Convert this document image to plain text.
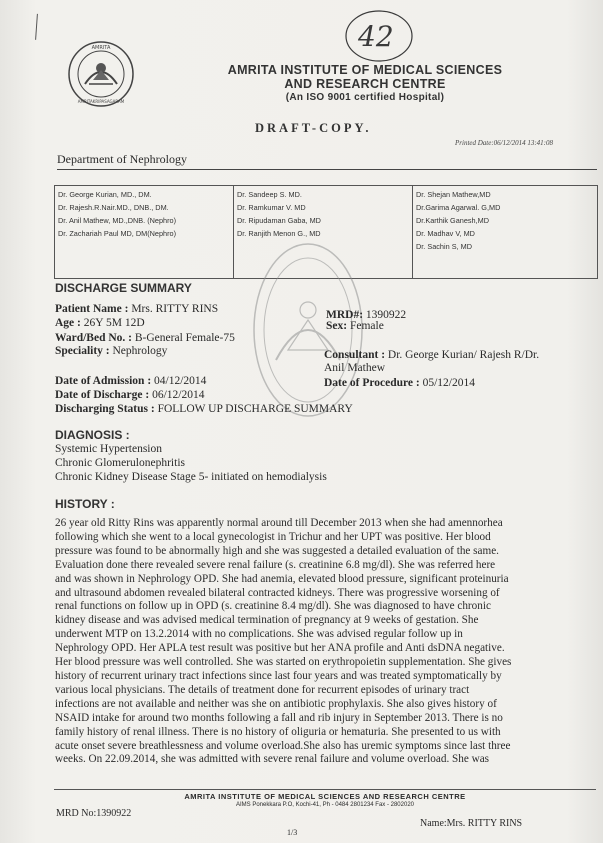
42
AMRITA
AMRITAKRIPASAGARAM
AMRITA INSTITUTE OF MEDICAL SCIENCES
AND RESEARCH CENTRE
(An ISO 9001 certified Hospital)
DRAFT-COPY.
Printed Date:06/12/2014 13:41:08
Department of Nephrology
Dr. George Kurian, MD., DM.
Dr. Rajesh.R.Nair.MD., DNB., DM.
Dr. Anil Mathew, MD.,DNB. (Nephro)
Dr. Zachariah Paul MD, DM(Nephro)
Dr. Sandeep S. MD.
Dr. Ramkumar V. MD
Dr. Ripudaman Gaba, MD
Dr. Ranjith Menon G., MD
Dr. Shejan Mathew,MD
Dr.Garima Agarwal. G,MD
Dr.Karthik Ganesh,MD
Dr. Madhav V, MD
Dr. Sachin S, MD
DISCHARGE SUMMARY
Patient Name : Mrs. RITTY RINS	MRD#: 1390922
Age : 26Y 5M 12D	Sex: Female
Ward/Bed No. : B-General Female-75
Speciality : Nephrology	Consultant : Dr. George Kurian/ Rajesh R/Dr.
Anil Mathew
Date of Admission : 04/12/2014	Date of Procedure : 05/12/2014
Date of Discharge : 06/12/2014
Discharging Status : FOLLOW UP DISCHARGE SUMMARY
DIAGNOSIS :
Systemic Hypertension
Chronic Glomerulonephritis
Chronic Kidney Disease Stage 5- initiated on hemodialysis
HISTORY :
26 year old Ritty Rins was apparently normal around till December 2013 when she had amennorhea
following which she went to a local gynecologist in Trichur and her UPT was positive. Her blood
pressure was found to be abnormally high and she was suggested a detailed evaluation of the same.
Evaluation done there revealed severe renal failure (s. creatinine 6.8 mg/dl). She was referred here
and was shown in Nephrology OPD. She had anemia, elevated blood pressure, significant proteinuria
and ultrasound abdomen revealed bilateral contracted kidneys. There was progressive worsening of
renal functions on follow up in OPD (s. creatinine 8.4 mg/dl). She was diagnosed to have chronic
kidney disease and was advised medical termination of pregnancy at 9 weeks of gestation. She
underwent MTP on 13.2.2014 with no complications. She was advised regular follow up in
Nephrology OPD. Her APLA test result was positive but her ANA profile and Anti dsDNA negative.
Her blood pressure was well controlled. She was started on erythropoietin supplementation. She gives
history of recurrent urinary tract infections since last four years and was treated symptomatically by
various local physicians. The details of treatment done for recurrent episodes of urinary tract
infections are not available and neither was she on antibiotic prophylaxis. She also gives history of
NSAID intake for around two months following a fall and rib injury in September 2013. There is no
family history of renal illness. There is no history of oliguria or hematuria. She presented to us with
acute onset severe breathlessness and volume overload.She also has uremic symptoms since last three
weeks. On 22.09.2014, she was admitted with severe renal failure and volume overload. She was
AMRITA INSTITUTE OF MEDICAL SCIENCES AND RESEARCH CENTRE
AIMS Ponekkara P.O, Kochi-41, Ph - 0484 2801234 Fax - 2802020
MRD No:1390922
Name:Mrs. RITTY RINS
1/3
